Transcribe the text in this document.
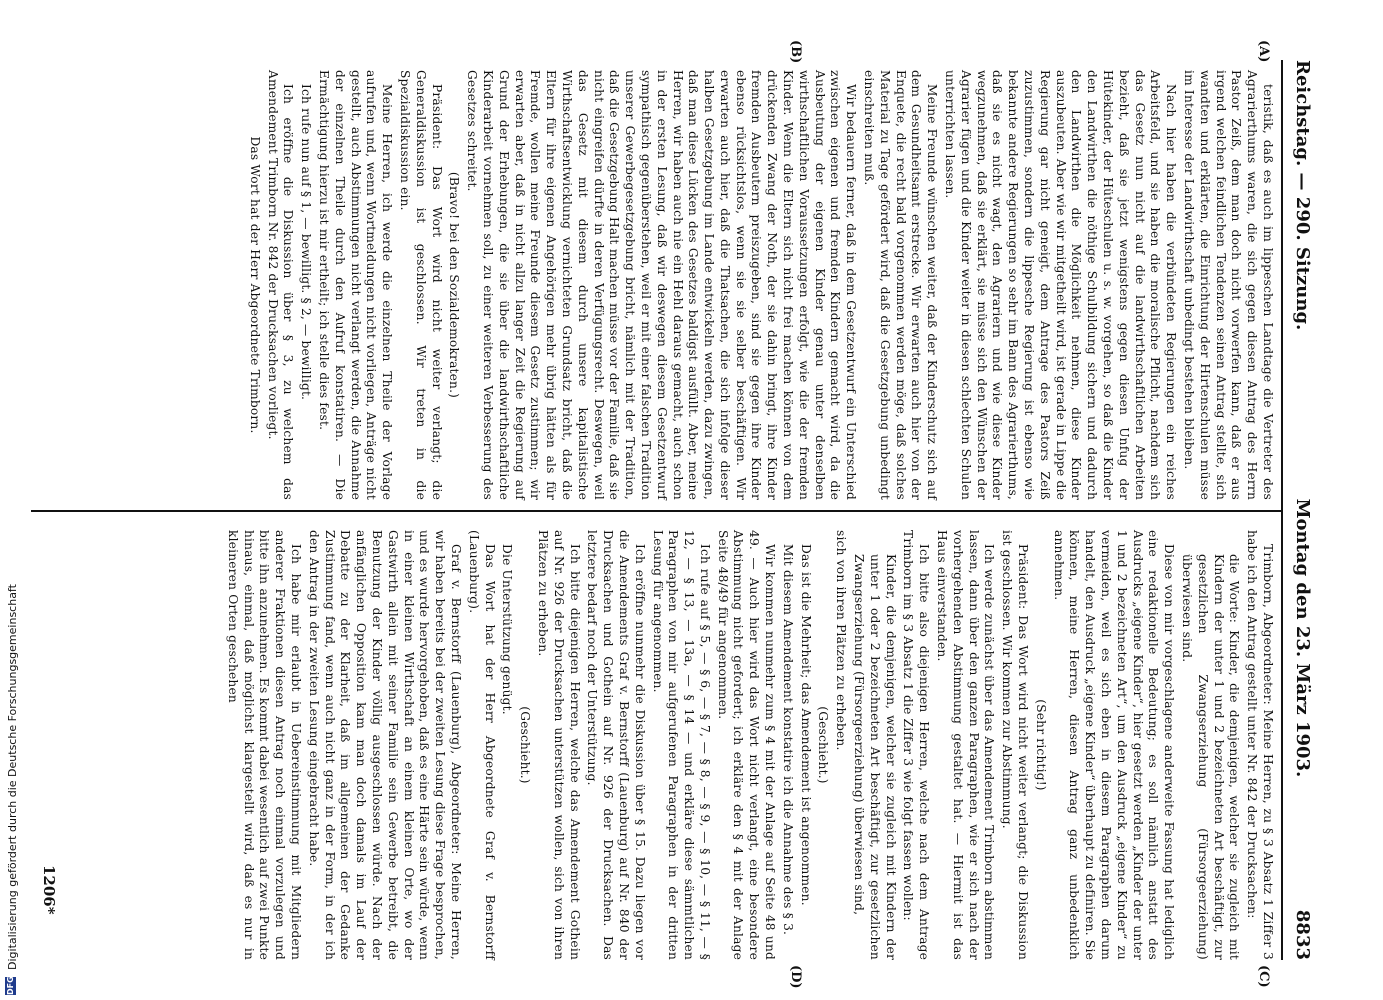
Reichstag. — 290. Sitzung.
Montag den 23. März 1903.  8833
(A)
(B)
(C)
(D)

teristik, daß es auch im lippeschen Landtage die Vertreter des Agrarierthums waren, die sich gegen diesen Antrag des Herrn Pastor Zeiß, dem man doch nicht vorwerfen kann, daß er aus irgend welchen feindlichen Tendenzen seinen Antrag stellte, sich wandten und erklärten, die Einrichtung der Hirtenschulen müsse im Interesse der Landwirthschaft unbedingt bestehen bleiben.

Nach hier haben die verbündeten Regierungen ein reiches Arbeitsfeld, und sie haben die moralische Pflicht, nachdem sich das Gesetz nun nicht auf die landwirthschaftlichen Arbeiten bezieht, daß sie jetzt wenigstens gegen diesen Unfug der Hütekinder, der Hüteschulen u. s. w. vorgehen, so daß die Kinder den Landwirthen die nöthige Schulbildung sichern und dadurch den Landwirthen die Möglichkeit nehmen, diese Kinder auszubeuten. Aber wie wir mitgetheilt wird, ist gerade in Lippe die Regierung gar nicht geneigt, dem Antrage des Pastors Zeiß zuzustimmen, sondern die lippesche Regierung ist ebenso wie bekannte andere Regierungen so sehr im Bann des Agrarierthums, daß sie es nicht wagt, den Agrariern und wie diese Kinder wegzunehmen, daß sie erklärt, sie müsse sich den Wünschen der Agrarier fügen und die Kinder weiter in diesen schlechten Schulen unterrichten lassen.

Meine Freunde wünschen weiter, daß der Kinderschutz sich auf dem Gesundheitsamt erstrecke. Wir erwarten auch hier von der Enquete, die recht bald vorgenommen werden möge, daß solches Material zu Tage gefördert wird, daß die Gesetzgebung unbedingt einschreiten muß.

Wir bedauern ferner, daß in dem Gesetzentwurf ein Unterschied zwischen eigenen und fremden Kindern gemacht wird, da die Ausbeutung der eigenen Kinder genau unter denselben wirthschaftlichen Voraussetzungen erfolgt, wie die der fremden Kinder. Wenn die Eltern sich nicht frei machen können von dem drückenden Zwang der Noth, der sie dahin bringt, ihre Kinder fremden Ausbeutern preiszugeben, sind sie gegen ihre Kinder ebenso rücksichtslos, wenn sie sie selber beschäftigen. Wir erwarten auch hier, daß die Thatsachen, die sich infolge dieser halben Gesetzgebung im Lande entwickeln werden, dazu zwingen, daß man diese Lücken des Gesetzes baldigst ausfüllt. Aber, meine Herren, wir haben auch nie ein Hehl daraus gemacht, auch schon in der ersten Lesung, daß wir deswegen diesem Gesetzentwurf sympathisch gegenüberstehen, weil er mit einer falschen Tradition unserer Gewerbegesetzgebung bricht, nämlich mit der Tradition, daß die Gesetzgebung Halt machen müsse vor der Familie, daß sie nicht eingreifen dürfte in deren Verfügungsrecht. Deswegen, weil das Gesetz mit diesem durch unsere kapitalistische Wirthschaftsentwicklung vernichteten Grundsatz bricht, daß die Eltern für ihre eigenen Angehörigen mehr übrig hätten als für Fremde, wollen meine Freunde diesem Gesetz zustimmen; wir erwarten aber, daß in nicht allzu langer Zeit die Regierung auf Grund der Erhebungen, die sie über die landwirthschaftliche Kinderarbeit vornehmen soll, zu einer weiteren Verbesserung des Gesetzes schreitet.

(Bravo! bei den Sozialdemokraten.)

Präsident: Das Wort wird nicht weiter verlangt; die Generaldiskussion ist geschlossen. Wir treten in die Spezialdiskussion ein.

Meine Herren, ich werde die einzelnen Theile der Vorlage aufrufen und, wenn Wortmeldungen nicht vorliegen, Anträge nicht gestellt, auch Abstimmungen nicht verlangt werden, die Annahme der einzelnen Theile durch den Aufruf konstatiren. — Die Ermächtigung hierzu ist mir ertheilt; ich stelle dies fest.

Ich rufe nun auf § 1, — bewilligt. § 2, — bewilligt.

Ich eröffne die Diskussion über § 3, zu welchem das Amendement Trimborn Nr. 842 der Drucksachen vorliegt.

Das Wort hat der Herr Abgeordnete Trimborn.

Trimborn, Abgeordneter: Meine Herren, zu § 3 Absatz 1 Ziffer 3 habe ich den Antrag gestellt unter Nr. 842 der Drucksachen:

die Worte: Kinder, die demjenigen, welcher sie zugleich mit Kindern der unter 1 und 2 bezeichneten Art beschäftigt, zur gesetzlichen Zwangserziehung (Fürsorgeerziehung) überwiesen sind.

Diese von mir vorgeschlagene anderweite Fassung hat lediglich eine redaktionelle Bedeutung; es soll nämlich anstatt des Ausdrucks „eigene Kinder“, hier gesetzt werden „Kinder der unter 1 und 2 bezeichneten Art“, um den Ausdruck „eigene Kinder“ zu vermeiden, weil es sich eben in diesem Paragraphen darum handelt, den Ausdruck „eigene Kinder“ überhaupt zu definiren. Sie können, meine Herren, diesen Antrag ganz unbedenklich annehmen.

(Sehr richtig!)

Präsident: Das Wort wird nicht weiter verlangt; die Diskussion ist geschlossen. Wir kommen zur Abstimmung.

Ich werde zunächst über das Amendement Trimborn abstimmen lassen, dann über den ganzen Paragraphen, wie er sich nach der vorhergehenden Abstimmung gestaltet hat. — Hiermit ist das Haus einverstanden.

Ich bitte also diejenigen Herren, welche nach dem Antrage Trimborn im § 3 Absatz 1 die Ziffer 3 wie folgt fassen wollen:

Kinder, die demjenigen, welcher sie zugleich mit Kindern der unter 1 oder 2 bezeichneten Art beschäftigt, zur gesetzlichen Zwangserziehung (Fürsorgeerziehung) überwiesen sind,

sich von ihren Plätzen zu erheben.

(Geschieht.)

Das ist die Mehrheit; das Amendement ist angenommen.

Mit diesem Amendement konstatire ich die Annahme des § 3.

Wir kommen nunmehr zum § 4 mit der Anlage auf Seite 48 und 49. — Auch hier wird das Wort nicht verlangt, eine besondere Abstimmung nicht gefordert; ich erkläre den § 4 mit der Anlage Seite 48/49 für angenommen.

Ich rufe auf § 5, — § 6, — § 7, — § 8, — § 9, — § 10, — § 11, — § 12, — § 13, — 13a, — § 14 — und erkläre diese sämmtlichen Paragraphen von mir aufgerufenen Paragraphen in der dritten Lesung für angenommen.

Ich eröffne nunmehr die Diskussion über § 15. Dazu liegen vor die Amendements Graf v. Bernstorff (Lauenburg) auf Nr. 840 der Drucksachen und Gothein auf Nr. 926 der Drucksachen. Das letztere bedarf noch der Unterstützung.

Ich bitte diejenigen Herren, welche das Amendement Gothein auf Nr. 926 der Drucksachen unterstützen wollen, sich von ihren Plätzen zu erheben.

(Geschieht.)

Die Unterstützung genügt.

Das Wort hat der Herr Abgeordnete Graf v. Bernstorff (Lauenburg).

Graf v. Bernstorff (Lauenburg), Abgeordneter: Meine Herren, wir haben bereits bei der zweiten Lesung diese Frage besprochen, und es wurde hervorgehoben, daß es eine Härte sein würde, wenn in einer kleinen Wirthschaft an einem kleinen Orte, wo der Gastwirth allein mit seiner Familie sein Gewerbe betreibt, die Benutzung der Kinder völlig ausgeschlossen würde. Nach der anfänglichen Opposition kam man doch damals im Lauf der Debatte zu der Klarheit, daß im allgemeinen der Gedanke Zustimmung fand, wenn auch nicht ganz in der Form, in der ich den Antrag in der zweiten Lesung eingebracht habe.

Ich habe mir erlaubt in Uebereinstimmung mit Mitgliedern anderer Fraktionen diesen Antrag noch einmal vorzulegen und bitte ihn anzunehmen. Es kommt dabei wesentlich auf zwei Punkte hinaus, einmal, daß möglichst klargestellt wird, daß es nur in kleineren Orten geschehen

1206*
DFG
Digitalisierung gefördert durch die Deutsche Forschungsgemeinschaft
